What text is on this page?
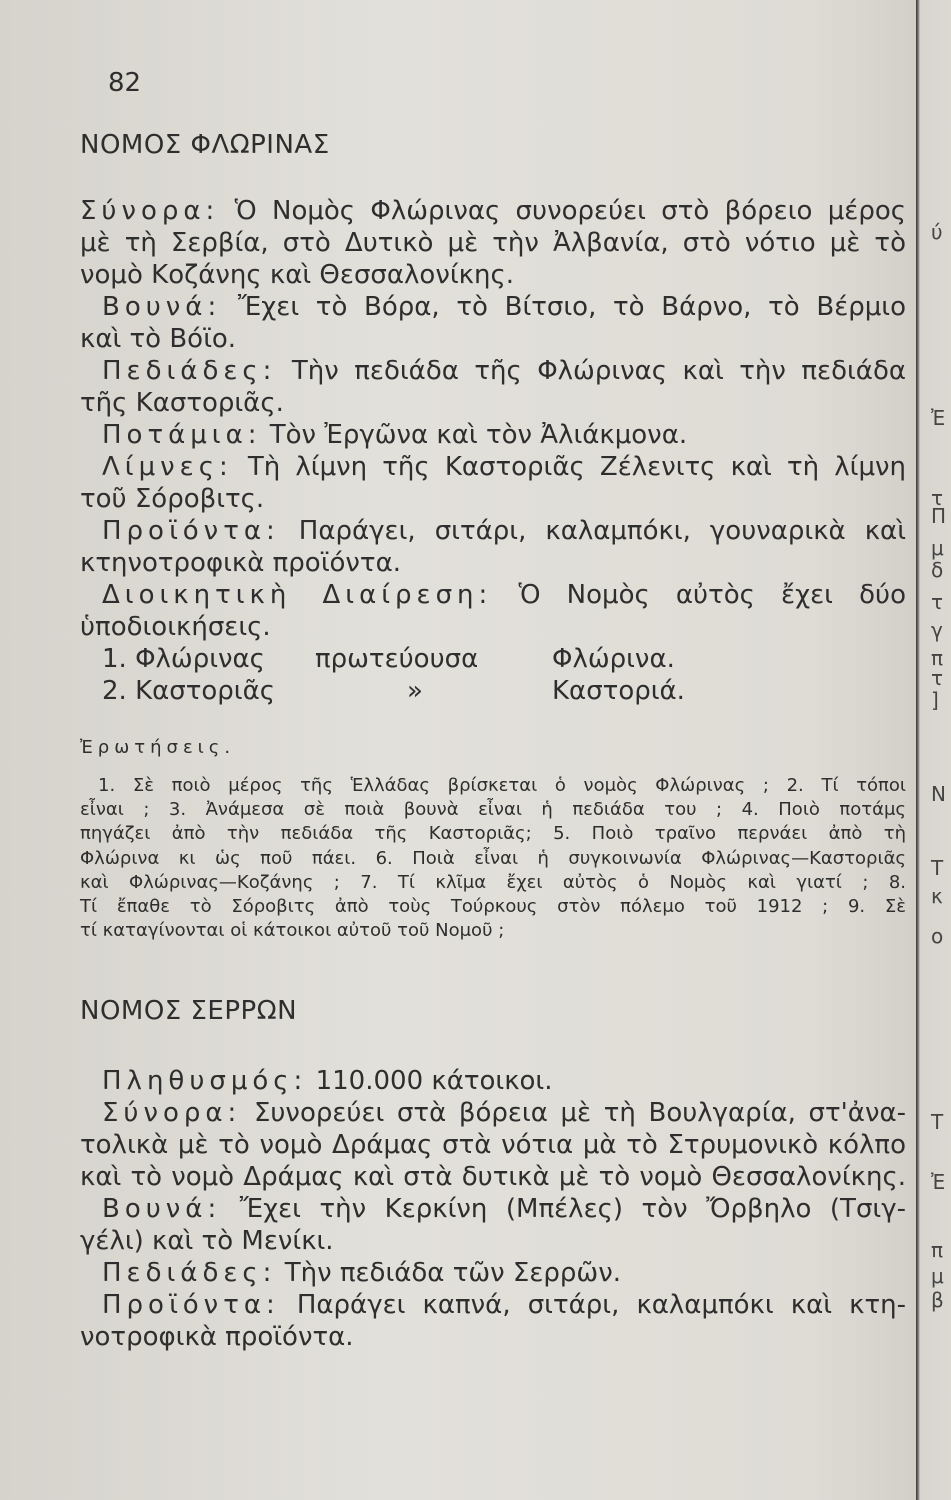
82
ΝΟΜΟΣ ΦΛΩΡΙΝΑΣ
Σύνορα: Ὁ Νομὸς Φλώρινας συνορεύει στὸ βόρειο μέρος
μὲ τὴ Σερβία, στὸ Δυτικὸ μὲ τὴν Ἀλβανία, στὸ νότιο μὲ τὸ
νομὸ Κοζάνης καὶ Θεσσαλονίκης.
Βουνά: Ἔχει τὸ Βόρα, τὸ Βίτσιο, τὸ Βάρνο, τὸ Βέρμιο
καὶ τὸ Βόϊο.
Πεδιάδες: Τὴν πεδιάδα τῆς Φλώρινας καὶ τὴν πεδιάδα
τῆς Καστοριᾶς.
Ποτάμια: Τὸν Ἐργῶνα καὶ τὸν Ἀλιάκμονα.
Λίμνες: Τὴ λίμνη τῆς Καστοριᾶς Ζέλενιτς καὶ τὴ λίμνη
τοῦ Σόροβιτς.
Προϊόντα: Παράγει, σιτάρι, καλαμπόκι, γουναρικὰ καὶ
κτηνοτροφικὰ προϊόντα.
Διοικητικὴ Διαίρεση: Ὁ Νομὸς αὐτὸς ἔχει δύο
ὑποδιοικήσεις.
1. Φλώρινας πρωτεύουσα	Φλώρινα.
2. Καστοριᾶς	»	Καστοριά.
Ἐρωτήσεις.
1. Σὲ ποιὸ μέρος τῆς Ἑλλάδας βρίσκεται ὁ νομὸς Φλώρινας ; 2. Τί τόποι
εἶναι ; 3. Ἀνάμεσα σὲ ποιὰ βουνὰ εἶναι ἡ πεδιάδα του ; 4. Ποιὸ ποτάμς
πηγάζει ἀπὸ τὴν πεδιάδα τῆς Καστοριᾶς; 5. Ποιὸ τραῖνο περνάει ἀπὸ τὴ
Φλώρινα κι ὡς ποῦ πάει. 6. Ποιὰ εἶναι ἡ συγκοινωνία Φλώρινας—Καστοριᾶς
καὶ Φλώρινας—Κοζάνης ; 7. Τί κλῖμα ἔχει αὐτὸς ὁ Νομὸς καὶ γιατί ; 8.
Τί ἔπαθε τὸ Σόροβιτς ἀπὸ τοὺς Τούρκους στὸν πόλεμο τοῦ 1912 ; 9. Σὲ
τί καταγίνονται οἱ κάτοικοι αὐτοῦ τοῦ Νομοῦ ;
ΝΟΜΟΣ ΣΕΡΡΩΝ
Πληθυσμός: 110.000 κάτοικοι.
Σύνορα: Συνορεύει στὰ βόρεια μὲ τὴ Βουλγαρία, στ'ἀνα-
τολικὰ μὲ τὸ νομὸ Δράμας στὰ νότια μὰ τὸ Στρυμονικὸ κόλπο
καὶ τὸ νομὸ Δράμας καὶ στὰ δυτικὰ μὲ τὸ νομὸ Θεσσαλονίκης.
Βουνά: Ἔχει τὴν Κερκίνη (Μπέλες) τὸν Ὄρβηλο (Τσιγ-
γέλι) καὶ τὸ Μενίκι.
Πεδιάδες: Τὴν πεδιάδα τῶν Σερρῶν.
Προϊόντα: Παράγει καπνά, σιτάρι, καλαμπόκι καὶ κτη-
νοτροφικὰ προϊόντα.
ύ
Ἐ
τ
Π
μ
δ
τ
γ
π
τ
]
Ν
Τ
κ
ο
Τ
Ἐ
π
μ
β
